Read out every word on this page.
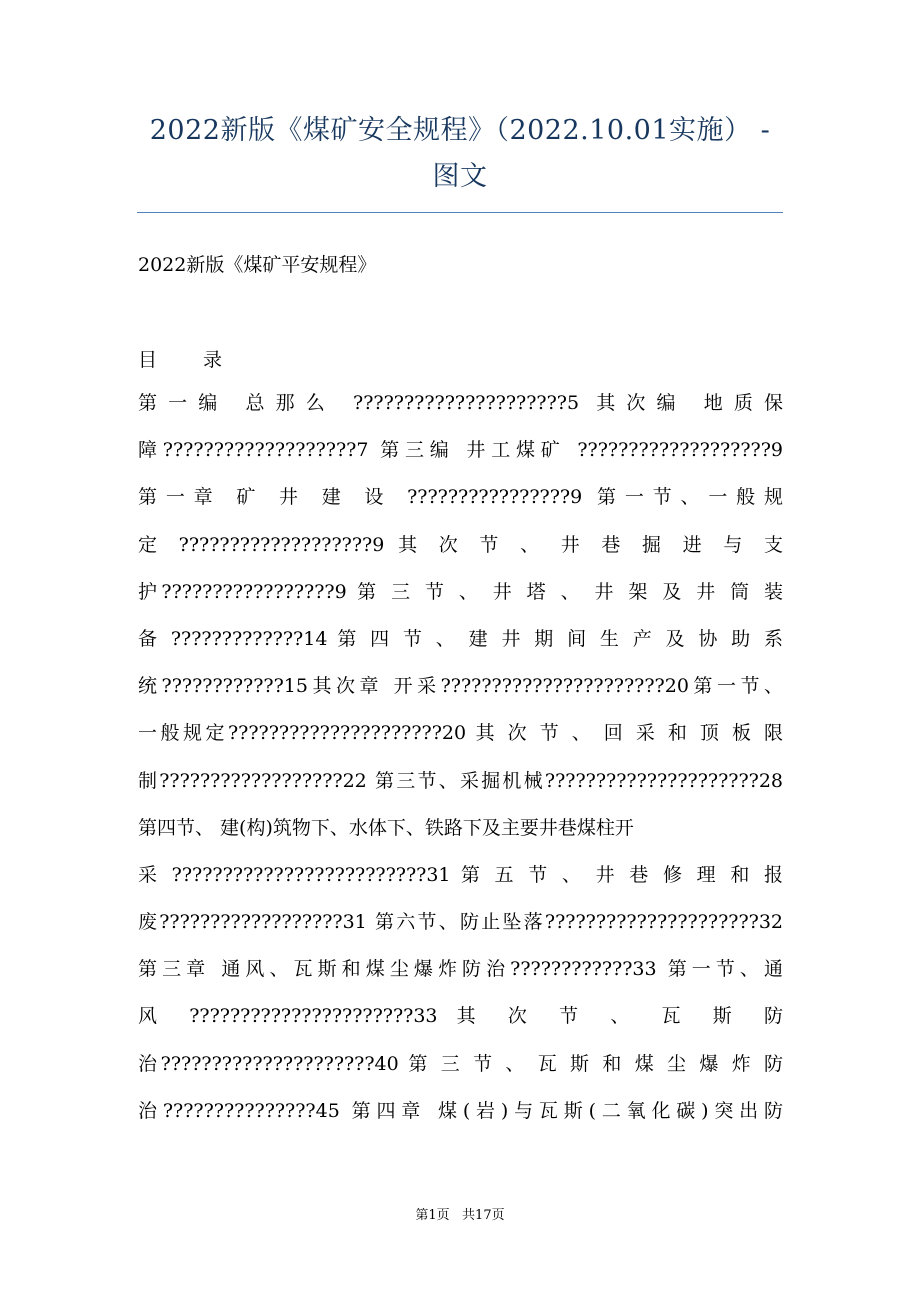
2022新版《煤矿安全规程》（2022.10.01实施） -
图文
2022新版《煤矿平安规程》
目 录
第一编 总那么 ?????????????????????5 其次编 地质保
障???????????????????7 第三编 井工煤矿 ???????????????????9
第一章 矿 井 建 设 ????????????????9 第一节、一般规
定 ???????????????????9 其 次 节 、 井 巷 掘 进 与 支
护?????????????????9 第 三 节 、 井 塔 、 井 架 及 井 筒 装
备 ?????????????14 第 四 节 、 建 井 期 间 生 产 及 协 助 系
统????????????15其次章 开采??????????????????????20第一节、
一般规定?????????????????????20 其 次 节 、 回 采 和 顶 板 限
制??????????????????22 第三节、采掘机械?????????????????????28
第四节、 建(构)筑物下、水体下、铁路下及主要井巷煤柱开
采 ?????????????????????????31 第 五 节 、 井 巷 修 理 和 报
废??????????????????31 第六节、防止坠落?????????????????????32
第三章 通风、瓦斯和煤尘爆炸防治????????????33 第一节、通
风 ??????????????????????33 其 次 节 、 瓦 斯 防
治?????????????????????40 第 三 节 、 瓦 斯 和 煤 尘 爆 炸 防
治???????????????45 第四章 煤(岩)与瓦斯(二氧化碳)突出防
第1页   共17页
